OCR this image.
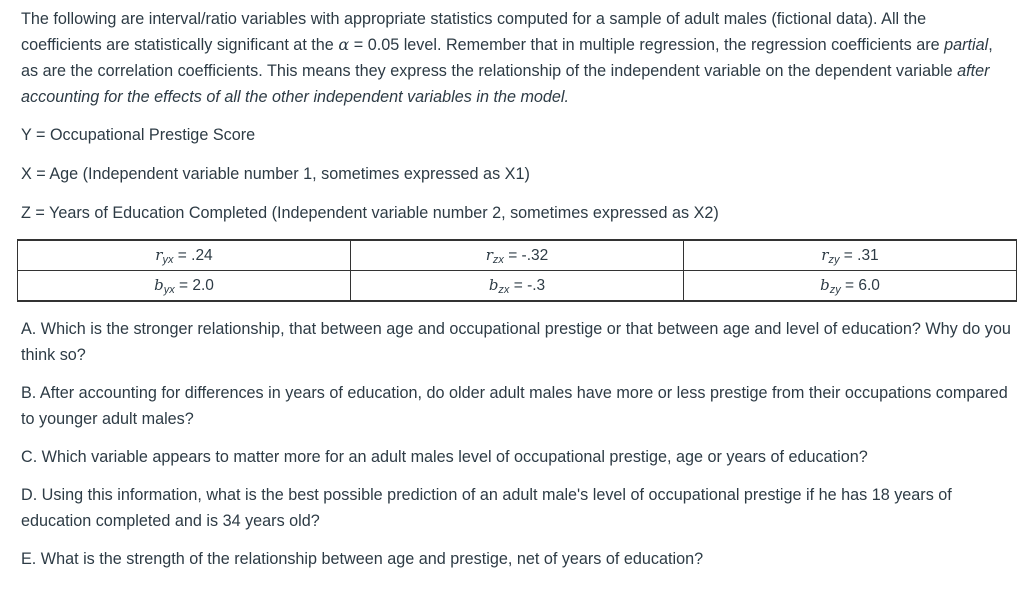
The following are interval/ratio variables with appropriate statistics computed for a sample of adult males (fictional data). All the coefficients are statistically significant at the α = 0.05 level. Remember that in multiple regression, the regression coefficients are partial, as are the correlation coefficients. This means they express the relationship of the independent variable on the dependent variable after accounting for the effects of all the other independent variables in the model.

Y = Occupational Prestige Score

X = Age (Independent variable number 1, sometimes expressed as X1)

Z = Years of Education Completed (Independent variable number 2, sometimes expressed as X2)

$r_{yx} = .24$	$r_{zx} = -.32$	$r_{zy} = .31$
$b_{yx} = 2.0$	$b_{zx} = -.3$	$b_{zy} = 6.0$

A. Which is the stronger relationship, that between age and occupational prestige or that between age and level of education? Why do you think so?

B. After accounting for differences in years of education, do older adult males have more or less prestige from their occupations compared to younger adult males?

C. Which variable appears to matter more for an adult males level of occupational prestige, age or years of education?

D. Using this information, what is the best possible prediction of an adult male's level of occupational prestige if he has 18 years of education completed and is 34 years old?

E. What is the strength of the relationship between age and prestige, net of years of education?
